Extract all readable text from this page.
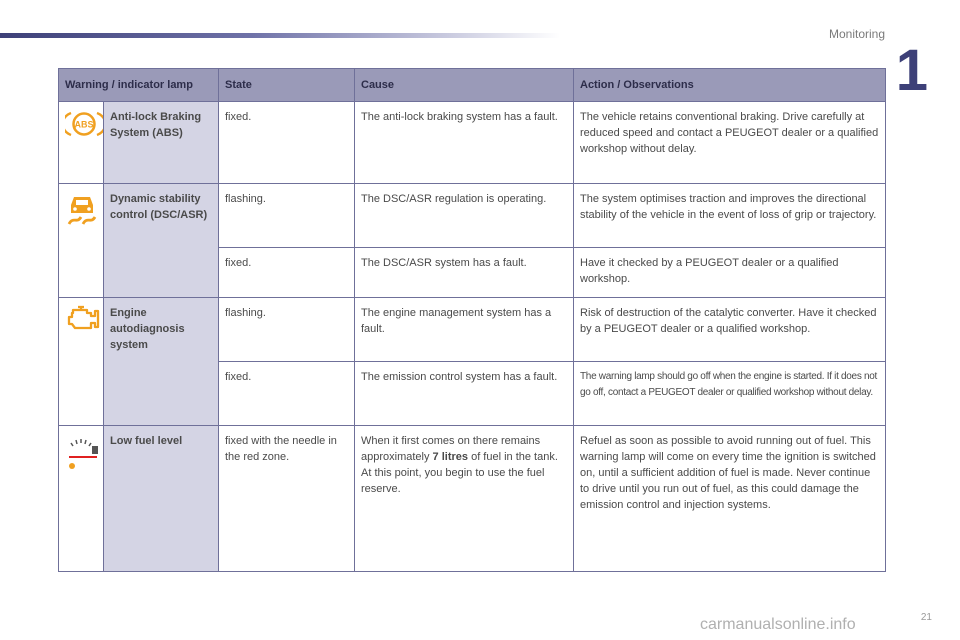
Monitoring
1
Warning / indicator lamp		State	Cause	Action / Observations

ABS	Anti-lock Braking System (ABS)	fixed.	The anti-lock braking system has a fault.	The vehicle retains conventional braking. Drive carefully at reduced speed and contact a PEUGEOT dealer or a qualified workshop without delay.

	Dynamic stability control (DSC/ASR)	flashing.	The DSC/ASR regulation is operating.	The system optimises traction and improves the directional stability of the vehicle in the event of loss of grip or trajectory.
		fixed.	The DSC/ASR system has a fault.	Have it checked by a PEUGEOT dealer or a qualified workshop.

	Engine autodiagnosis system	flashing.	The engine management system has a fault.	Risk of destruction of the catalytic converter. Have it checked by a PEUGEOT dealer or a qualified workshop.
		fixed.	The emission control system has a fault.	The warning lamp should go off when the engine is started. If it does not go off, contact a PEUGEOT dealer or qualified workshop without delay.

	Low fuel level	fixed with the needle in the red zone.	When it first comes on there remains approximately 7 litres of fuel in the tank. At this point, you begin to use the fuel reserve.	Refuel as soon as possible to avoid running out of fuel. This warning lamp will come on every time the ignition is switched on, until a sufficient addition of fuel is made. Never continue to drive until you run out of fuel, as this could damage the emission control and injection systems.
21
carmanualsonline.info
